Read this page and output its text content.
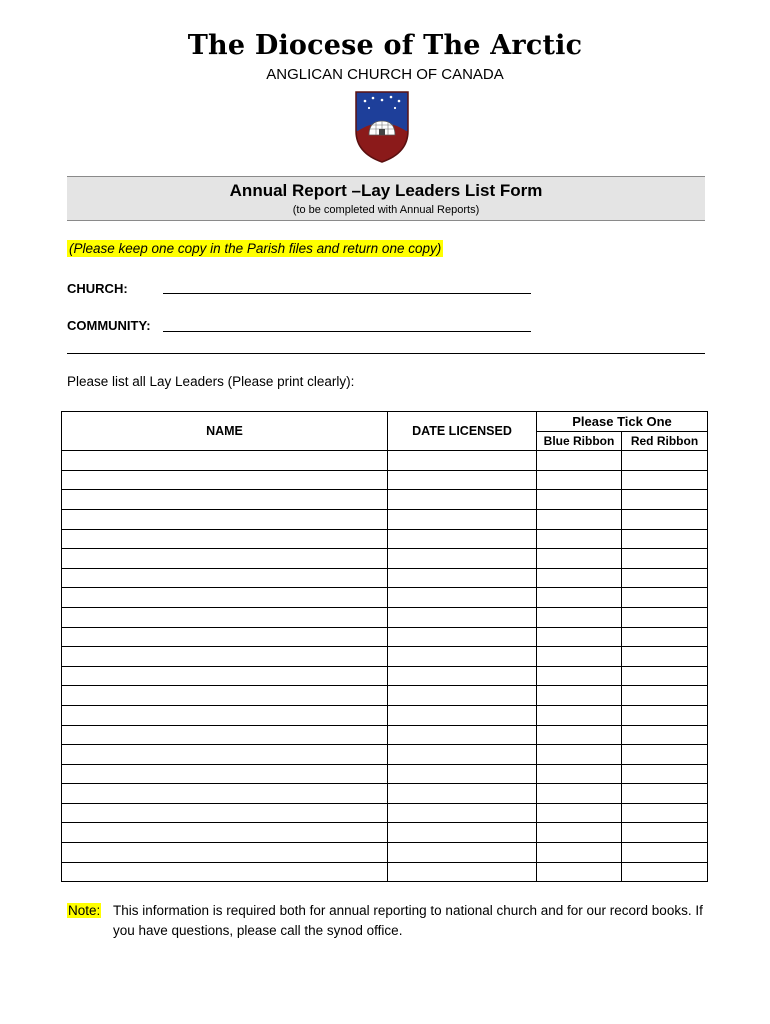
The Diocese of The Arctic
ANGLICAN CHURCH OF CANADA
Annual Report –Lay Leaders List Form
(to be completed with Annual Reports)
(Please keep one copy in the Parish files and return one copy)
CHURCH:
COMMUNITY:
Please list all Lay Leaders (Please print clearly):
NAME	DATE LICENSED	Please Tick One	
		Blue Ribbon	Red Ribbon

Note: This information is required both for annual reporting to national church and for our record books. If you have questions, please call the synod office.
